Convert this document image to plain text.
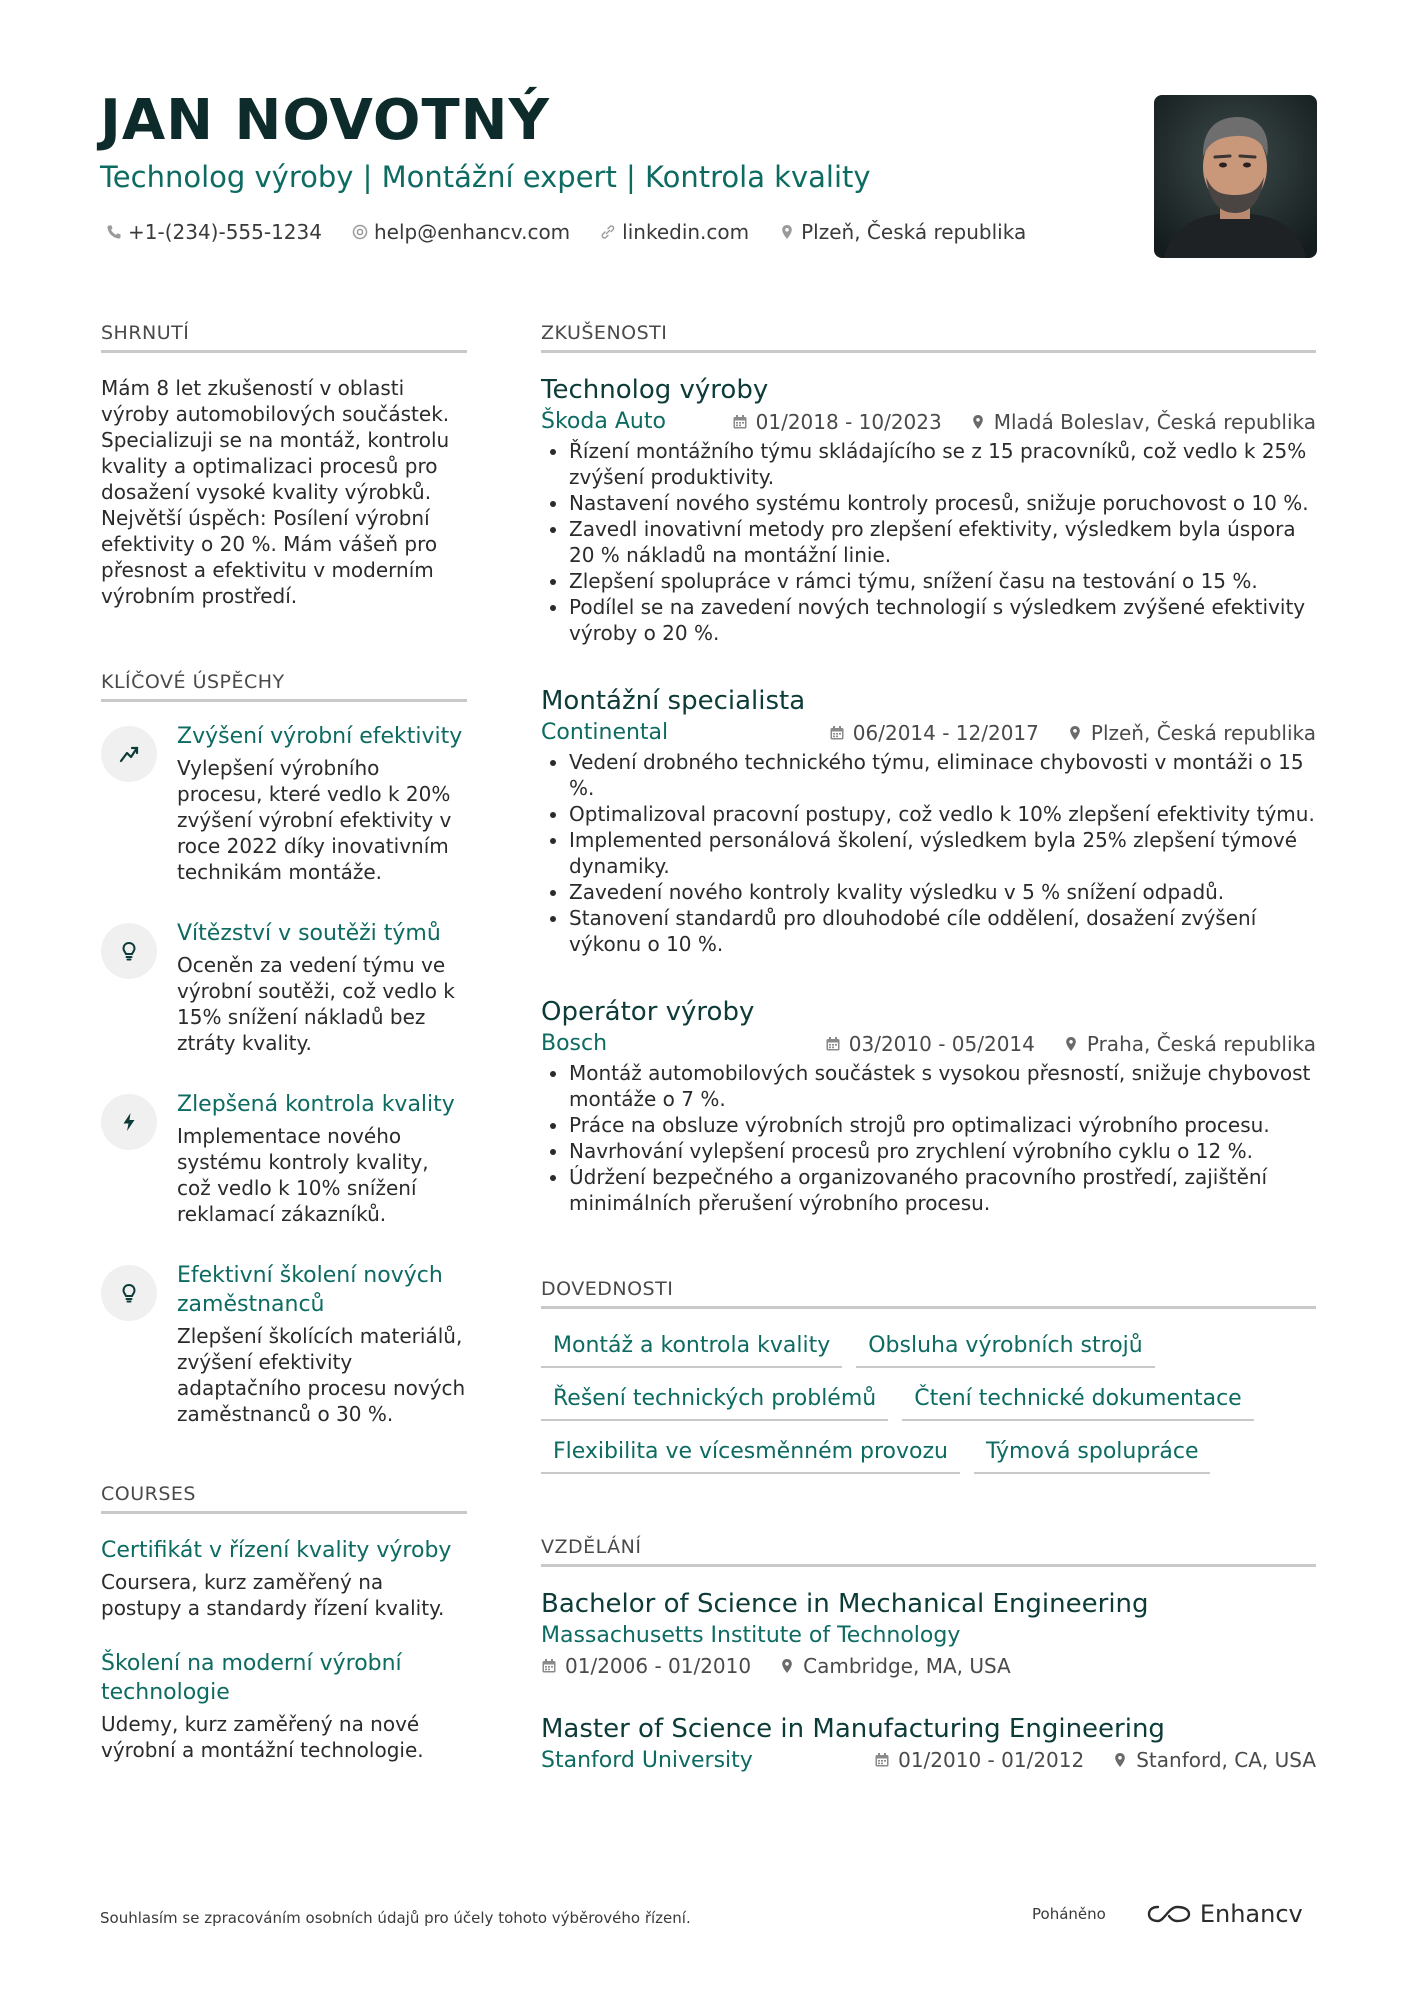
JAN NOVOTNÝ
Technolog výroby | Montážní expert | Kontrola kvality
+1-(234)-555-1234	help@enhancv.com	linkedin.com	Plzeň, Česká republika
SHRNUTÍ
Mám 8 let zkušeností v oblasti výroby automobilových součástek. Specializuji se na montáž, kontrolu kvality a optimalizaci procesů pro dosažení vysoké kvality výrobků. Největší úspěch: Posílení výrobní efektivity o 20 %. Mám vášeň pro přesnost a efektivitu v moderním výrobním prostředí.
KLÍČOVÉ ÚSPĚCHY
Zvýšení výrobní efektivity
Vylepšení výrobního procesu, které vedlo k 20% zvýšení výrobní efektivity v roce 2022 díky inovativním technikám montáže.
Vítězství v soutěži týmů
Oceněn za vedení týmu ve výrobní soutěži, což vedlo k 15% snížení nákladů bez ztráty kvality.
Zlepšená kontrola kvality
Implementace nového systému kontroly kvality, což vedlo k 10% snížení reklamací zákazníků.
Efektivní školení nových zaměstnanců
Zlepšení školících materiálů, zvýšení efektivity adaptačního procesu nových zaměstnanců o 30 %.
COURSES
Certifikát v řízení kvality výroby
Coursera, kurz zaměřený na postupy a standardy řízení kvality.
Školení na moderní výrobní technologie
Udemy, kurz zaměřený na nové výrobní a montážní technologie.
ZKUŠENOSTI
Technolog výroby
Škoda Auto	01/2018 - 10/2023	Mladá Boleslav, Česká republika
• Řízení montážního týmu skládajícího se z 15 pracovníků, což vedlo k 25% zvýšení produktivity.
• Nastavení nového systému kontroly procesů, snižuje poruchovost o 10 %.
• Zavedl inovativní metody pro zlepšení efektivity, výsledkem byla úspora 20 % nákladů na montážní linie.
• Zlepšení spolupráce v rámci týmu, snížení času na testování o 15 %.
• Podílel se na zavedení nových technologií s výsledkem zvýšené efektivity výroby o 20 %.
Montážní specialista
Continental	06/2014 - 12/2017	Plzeň, Česká republika
• Vedení drobného technického týmu, eliminace chybovosti v montáži o 15 %.
• Optimalizoval pracovní postupy, což vedlo k 10% zlepšení efektivity týmu.
• Implemented personálová školení, výsledkem byla 25% zlepšení týmové dynamiky.
• Zavedení nového kontroly kvality výsledku v 5 % snížení odpadů.
• Stanovení standardů pro dlouhodobé cíle oddělení, dosažení zvýšení výkonu o 10 %.
Operátor výroby
Bosch	03/2010 - 05/2014	Praha, Česká republika
• Montáž automobilových součástek s vysokou přesností, snižuje chybovost montáže o 7 %.
• Práce na obsluze výrobních strojů pro optimalizaci výrobního procesu.
• Navrhování vylepšení procesů pro zrychlení výrobního cyklu o 12 %.
• Údržení bezpečného a organizovaného pracovního prostředí, zajištění minimálních přerušení výrobního procesu.
DOVEDNOSTI
Montáž a kontrola kvality	Obsluha výrobních strojů
Řešení technických problémů	Čtení technické dokumentace
Flexibilita ve vícesměnném provozu	Týmová spolupráce
VZDĚLÁNÍ
Bachelor of Science in Mechanical Engineering
Massachusetts Institute of Technology
01/2006 - 01/2010	Cambridge, MA, USA
Master of Science in Manufacturing Engineering
Stanford University	01/2010 - 01/2012	Stanford, CA, USA
Souhlasím se zpracováním osobních údajů pro účely tohoto výběrového řízení.	Poháněno	Enhancv
